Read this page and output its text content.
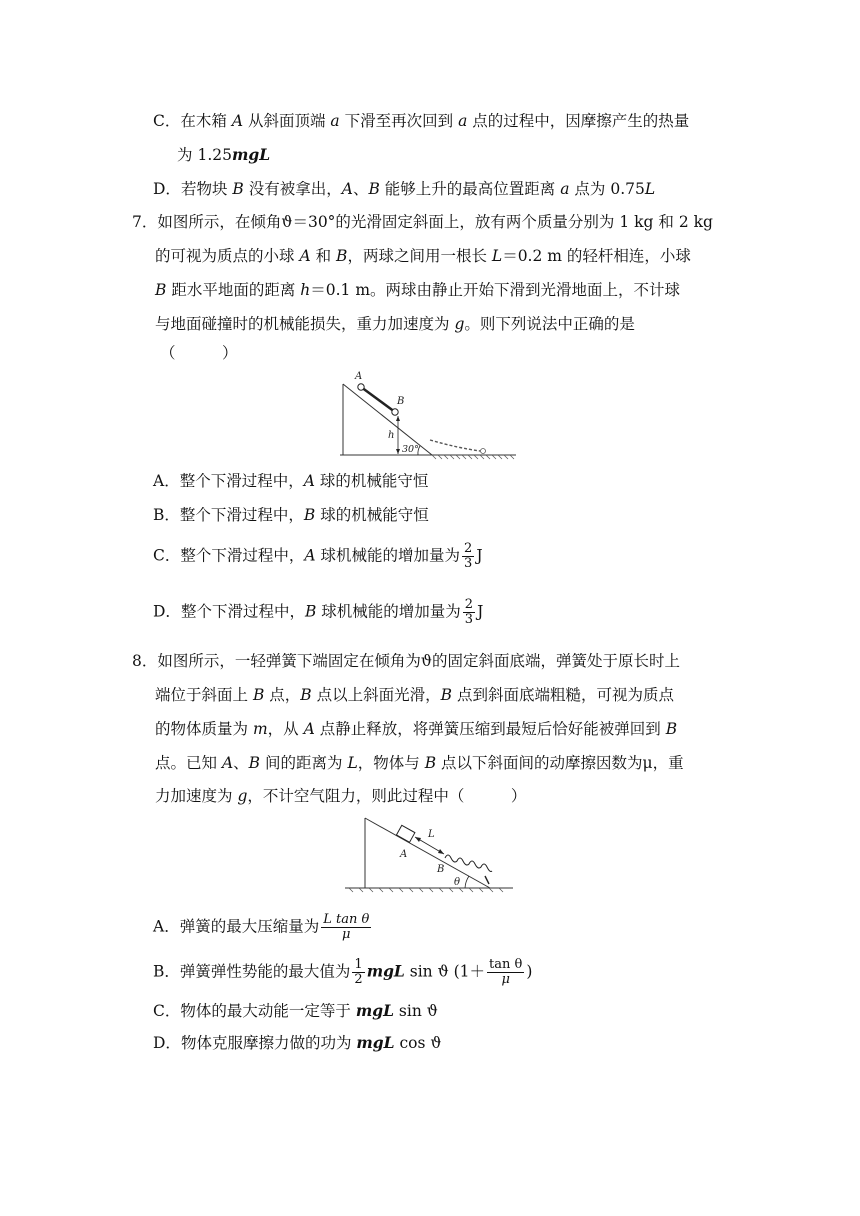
C．在木箱 A 从斜面顶端 a 下滑至再次回到 a 点的过程中，因摩擦产生的热量
为 1.25mgL
D．若物块 B 没有被拿出，A、B 能够上升的最高位置距离 a 点为 0.75L
7．如图所示，在倾角ϑ＝30°的光滑固定斜面上，放有两个质量分别为 1 kg 和 2 kg
的可视为质点的小球 A 和 B，两球之间用一根长 L＝0.2 m 的轻杆相连，小球
B 距水平地面的距离 h＝0.1 m。两球由静止开始下滑到光滑地面上，不计球
与地面碰撞时的机械能损失，重力加速度为 g。则下列说法中正确的是
（　　　）
A
B
h
30°
A．整个下滑过程中，A 球的机械能守恒
B．整个下滑过程中，B 球的机械能守恒
C．整个下滑过程中，A 球机械能的增加量为 $\frac{2}{3}$ J
D．整个下滑过程中，B 球机械能的增加量为 $\frac{2}{3}$ J
8．如图所示，一轻弹簧下端固定在倾角为ϑ的固定斜面底端，弹簧处于原长时上
端位于斜面上 B 点，B 点以上斜面光滑，B 点到斜面底端粗糙，可视为质点
的物体质量为 m，从 A 点静止释放，将弹簧压缩到最短后恰好能被弹回到 B
点。已知 A、B 间的距离为 L，物体与 B 点以下斜面间的动摩擦因数为μ，重
力加速度为 g，不计空气阻力，则此过程中（　　　）
A
L
B
θ
A．弹簧的最大压缩量为 $\frac{\text{L tan θ}}{\mu}$
B．弹簧弹性势能的最大值为 $\frac{1}{2}$ mgL sin ϑ ($1+ \frac{\text{tan θ}}{\mu}$ )
C．物体的最大动能一定等于 mgL sin ϑ
D．物体克服摩擦力做的功为 mgL cos ϑ
